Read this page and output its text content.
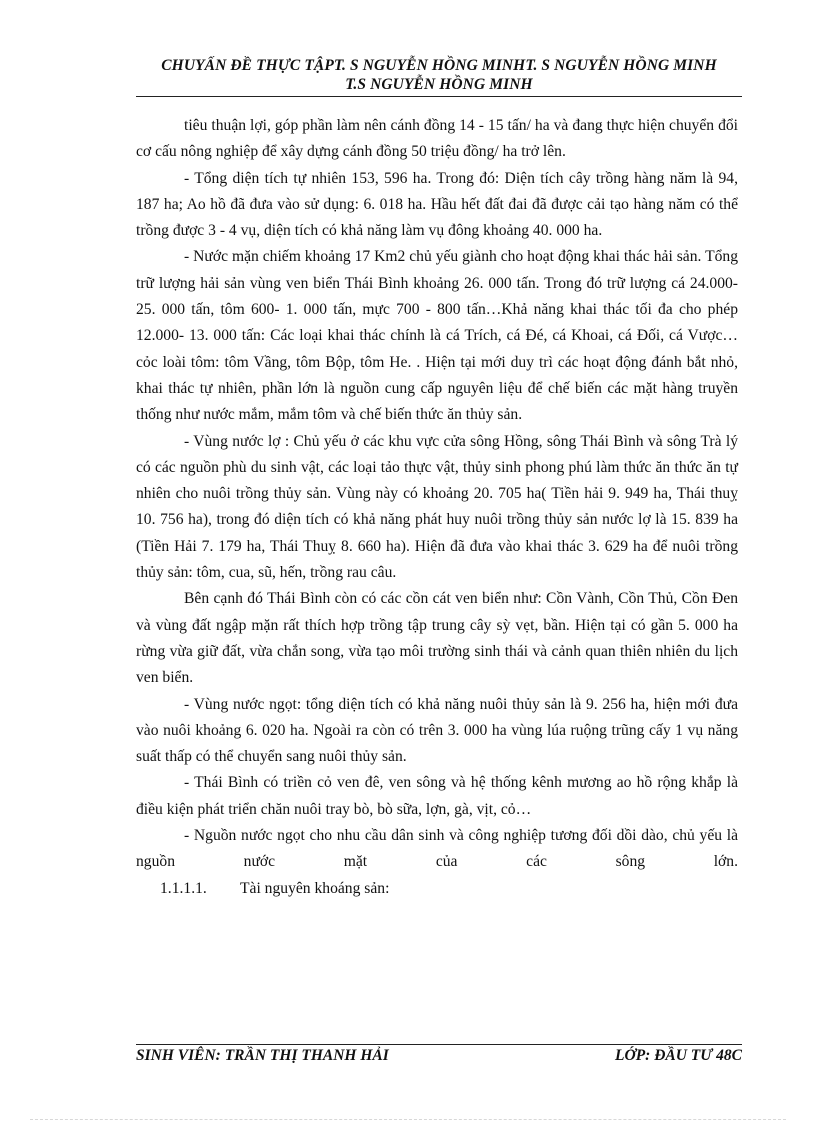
CHUYẤN ĐỀ THỰC TẬPT. S NGUYỄN HỒNG MINHT. S NGUYỄN HỒNG MINH
T.S NGUYỄN HỒNG MINH

tiêu thuận lợi, góp phần làm nên cánh đồng 14 - 15 tấn/ ha và đang thực hiện chuyển đổi cơ cấu nông nghiệp để xây dựng cánh đồng 50 triệu đồng/ ha trở lên.

- Tổng diện tích tự nhiên 153, 596 ha. Trong đó: Diện tích cây trồng hàng năm là 94, 187 ha; Ao hồ đã đưa vào sử dụng: 6. 018 ha. Hầu hết đất đai đã được cải tạo hàng năm có thể trồng được 3 - 4 vụ, diện tích có khả năng làm vụ đông khoảng 40. 000 ha.

- Nước mặn chiếm khoảng 17 Km2 chủ yếu giành cho hoạt động khai thác hải sản. Tổng trữ lượng hải sản vùng ven biển Thái Bình khoảng 26. 000 tấn. Trong đó trữ lượng cá 24.000- 25. 000 tấn, tôm 600- 1. 000 tấn, mực 700 - 800 tấn…Khả năng khai thác tối đa cho phép 12.000- 13. 000 tấn: Các loại khai thác chính là cá Trích, cá Đé, cá Khoai, cá Đối, cá Vược…cỏc loài tôm: tôm Vầng, tôm Bộp, tôm He. . Hiện tại mới duy trì các hoạt động đánh bắt nhỏ, khai thác tự nhiên, phần lớn là nguồn cung cấp nguyên liệu để chế biến các mặt hàng truyền thống như nước mắm, mắm tôm và chế biến thức ăn thủy sản.

- Vùng nước lợ : Chủ yếu ở các khu vực cửa sông Hồng, sông Thái Bình và sông Trà lý có các nguồn phù du sinh vật, các loại tảo thực vật, thủy sinh phong phú làm thức ăn thức ăn tự nhiên cho nuôi trồng thủy sản. Vùng này có khoảng 20. 705 ha( Tiền hải 9. 949 ha, Thái thuỵ 10. 756 ha), trong đó diện tích có khả năng phát huy nuôi trồng thủy sản nước lợ là 15. 839 ha (Tiền Hải 7. 179 ha, Thái Thuỵ 8. 660 ha). Hiện đã đưa vào khai thác 3. 629 ha để nuôi trồng thủy sản: tôm, cua, sũ, hến, trồng rau câu.

Bên cạnh đó Thái Bình còn có các cồn cát ven biển như: Cồn Vành, Cồn Thủ, Cồn Đen và vùng đất ngập mặn rất thích hợp trồng tập trung cây sỳ vẹt, bần. Hiện tại có gần 5. 000 ha rừng vừa giữ đất, vừa chắn song, vừa tạo môi trường sinh thái và cảnh quan thiên nhiên du lịch ven biển.

- Vùng nước ngọt: tổng diện tích có khả năng nuôi thủy sản là 9. 256 ha, hiện mới đưa vào nuôi khoảng 6. 020 ha. Ngoài ra còn có trên 3. 000 ha vùng lúa ruộng trũng cấy 1 vụ năng suất thấp có thể chuyển sang nuôi thủy sản.

- Thái Bình có triền cỏ ven đê, ven sông và hệ thống kênh mương ao hồ rộng khắp là điều kiện phát triển chăn nuôi tray bò, bò sữa, lợn, gà, vịt, cỏ…

- Nguồn nước ngọt cho nhu cầu dân sinh và công nghiệp tương đối dồi dào, chủ yếu là nguồn nước mặt của các sông lớn.

1.1.1.1. Tài nguyên khoáng sản:
SINH VIÊN: TRẦN THỊ THANH HẢI	LỚP: ĐẦU TƯ 48C
